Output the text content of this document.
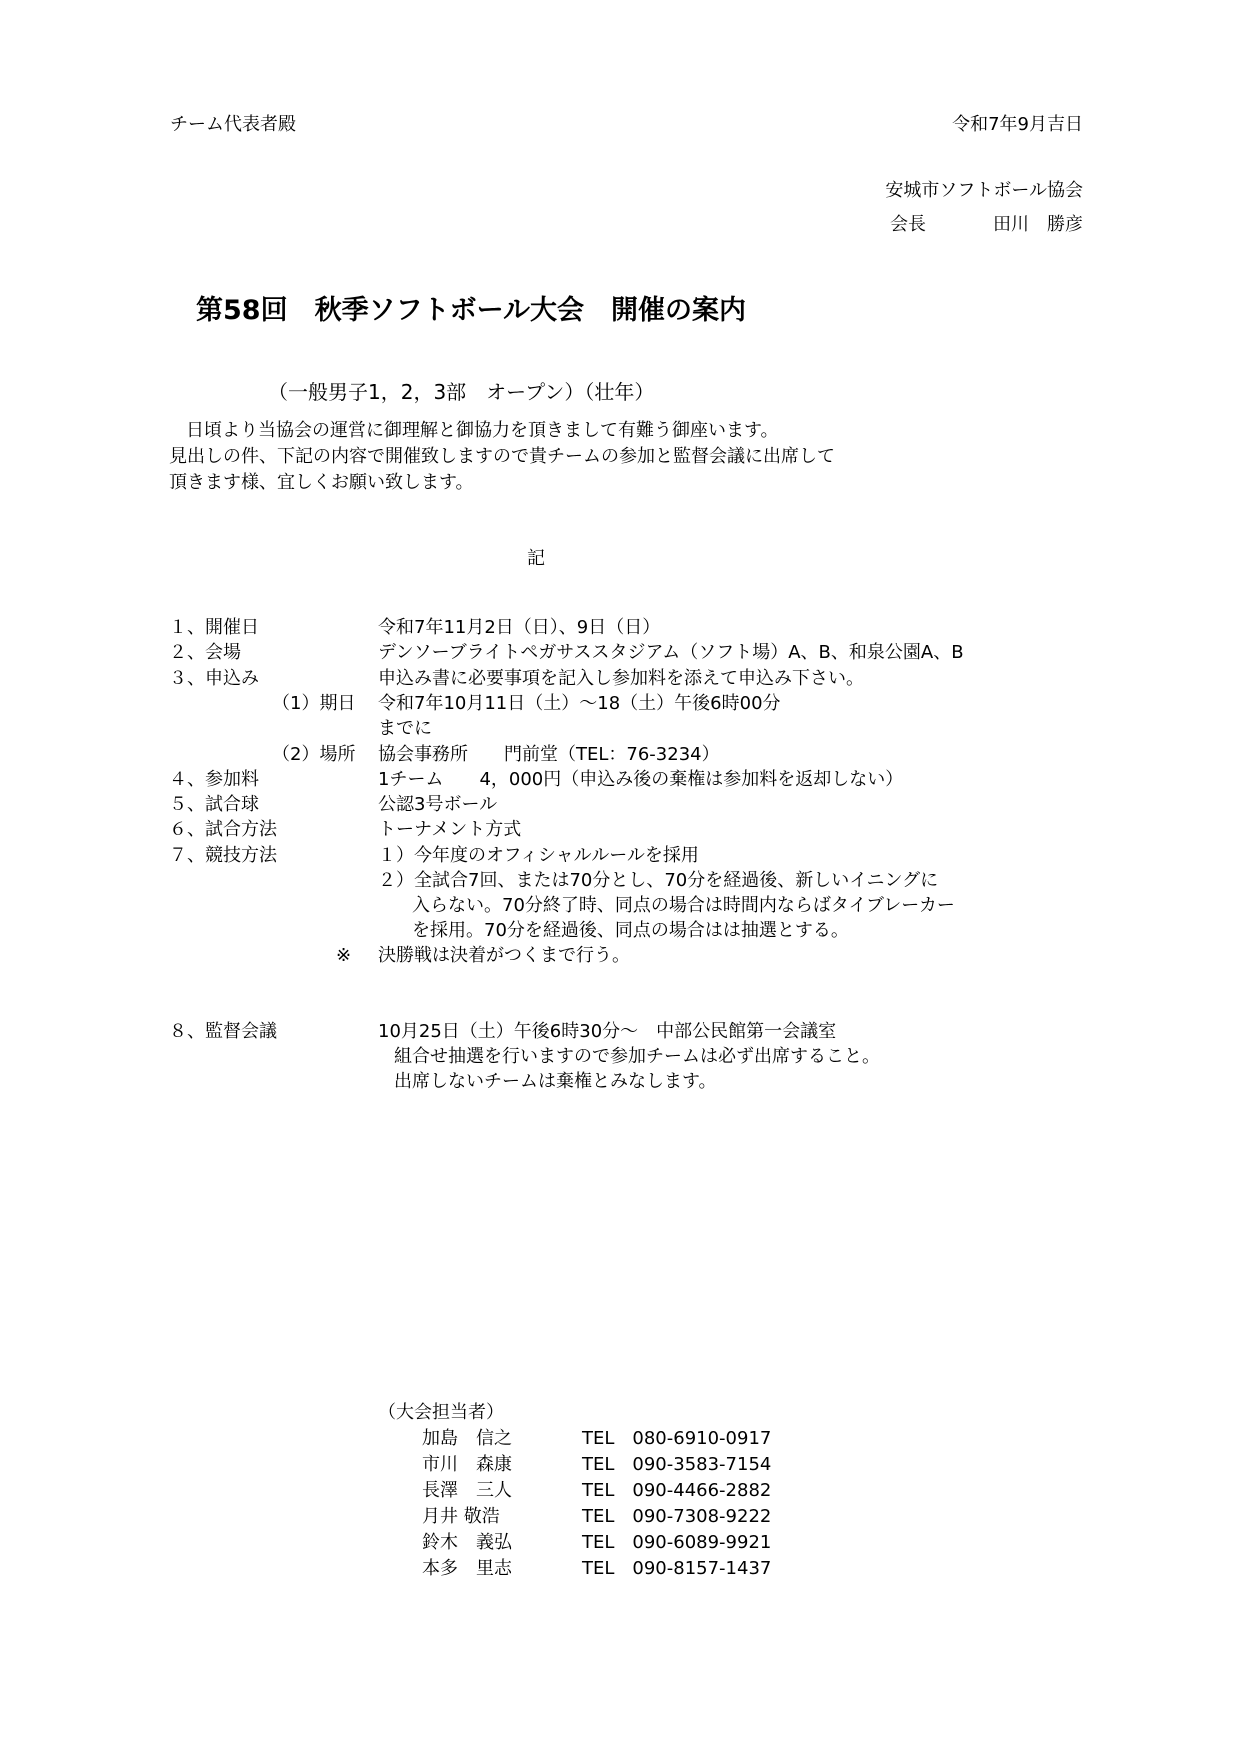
チーム代表者殿	令和7年9月吉日
安城市ソフトボール協会
会長	田川　勝彦
第58回　秋季ソフトボール大会　開催の案内
（一般男子1，2，3部　オープン）（壮年）
日頃より当協会の運営に御理解と御協力を頂きまして有難う御座います。
見出しの件、下記の内容で開催致しますので貴チームの参加と監督会議に出席して
頂きます様、宜しくお願い致します。
記
１、開催日	令和7年11月2日（日）、9日（日）
２、会場	デンソーブライトペガサススタジアム（ソフト場）A、B、和泉公園A、B
３、申込み	申込み書に必要事項を記入し参加料を添えて申込み下さい。
（1）期日 令和7年10月11日（土）～18（土）午後6時00分
までに
（2）場所 協会事務所　　門前堂（TEL：76-3234）
４、参加料	1チーム　　4，000円（申込み後の棄権は参加料を返却しない）
５、試合球	公認3号ボール
６、試合方法	トーナメント方式
７、競技方法	１）今年度のオフィシャルルールを採用
２）全試合7回、または70分とし、70分を経過後、新しいイニングに
入らない。70分終了時、同点の場合は時間内ならばタイブレーカー
を採用。70分を経過後、同点の場合はは抽選とする。
※ 決勝戦は決着がつくまで行う。
８、監督会議	10月25日（土）午後6時30分～　中部公民館第一会議室
組合せ抽選を行いますので参加チームは必ず出席すること。
出席しないチームは棄権とみなします。
（大会担当者）
加島　信之	TEL　080-6910-0917
市川　森康	TEL　090-3583-7154
長澤　三人	TEL　090-4466-2882
月井 敬浩	TEL　090-7308-9222
鈴木　義弘	TEL　090-6089-9921
本多　里志	TEL　090-8157-1437
